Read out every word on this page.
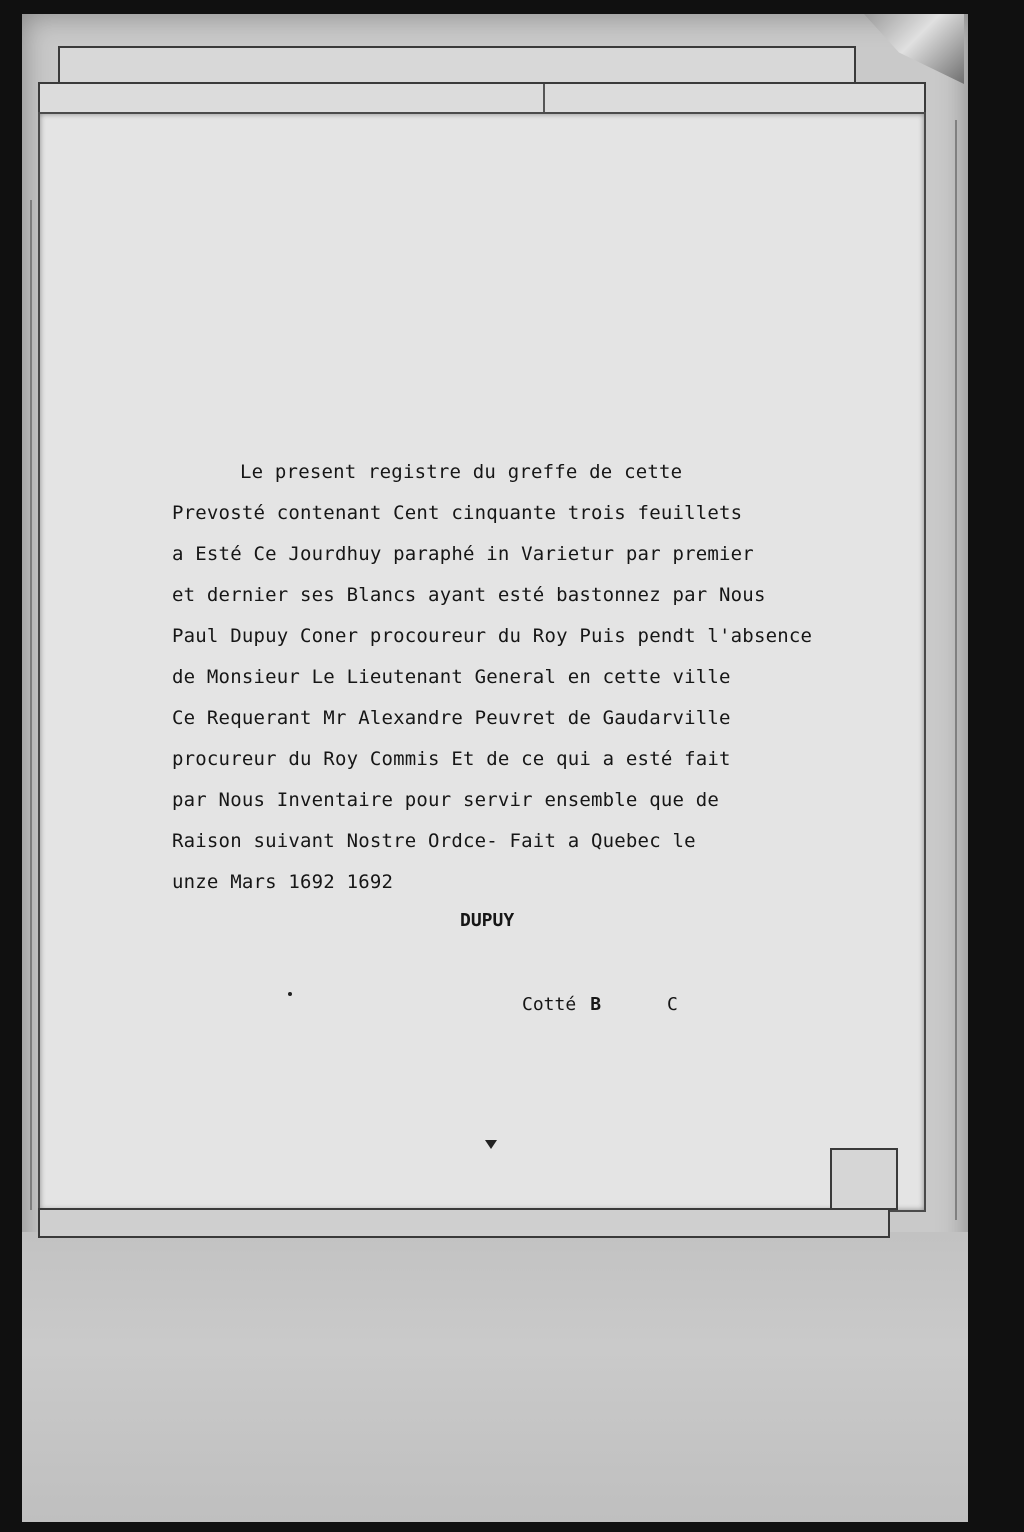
Le present registre du greffe de cette
Prevosté contenant Cent cinquante trois feuillets
a Esté Ce Jourdhuy paraphé in Varietur par premier
et dernier ses Blancs ayant esté bastonnez par Nous
Paul Dupuy Coner procoureur du Roy Puis pendt l'absence
de Monsieur Le Lieutenant General en cette ville
Ce Requerant Mr Alexandre Peuvret de Gaudarville
procureur du Roy Commis Et de ce qui a esté fait
par Nous Inventaire pour servir ensemble que de
Raison suivant Nostre Ordce- Fait a Quebec le
unze Mars 1692 1692
DUPUY
Cotté B	C
